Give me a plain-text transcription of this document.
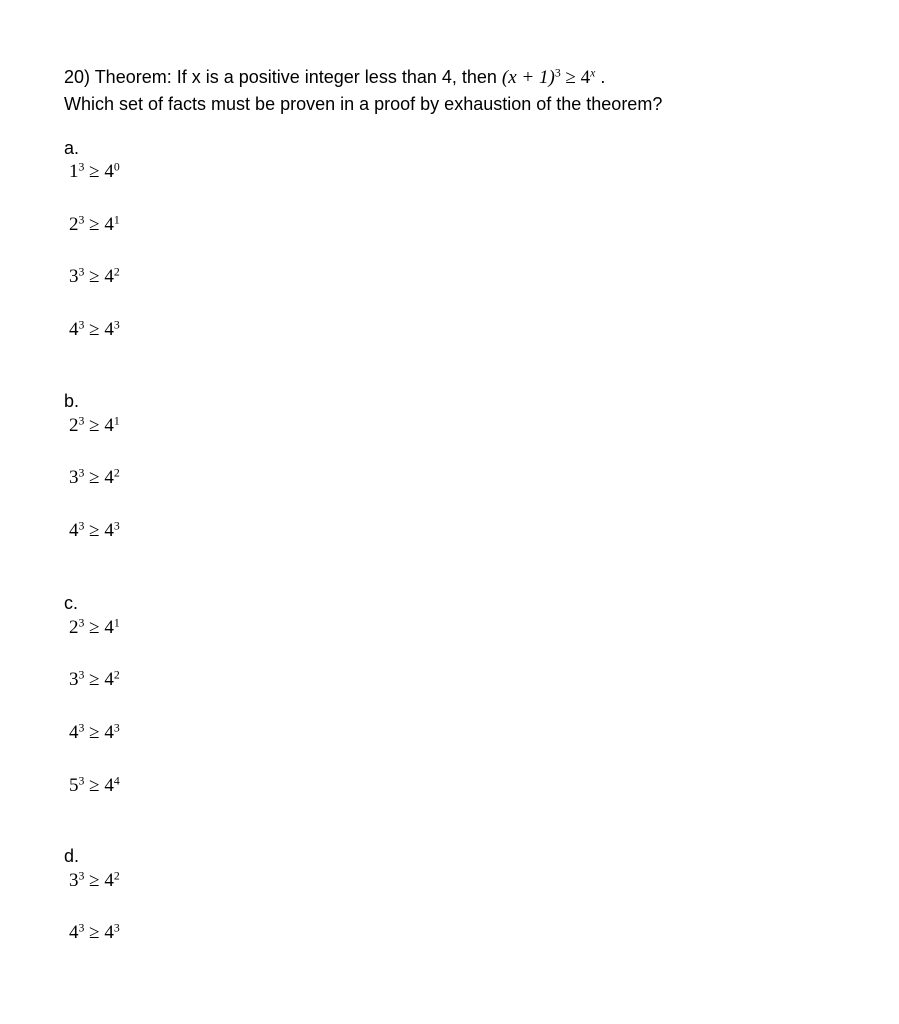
20) Theorem: If x is a positive integer less than 4, then $(x + 1)^3 \ge 4^x$ .
Which set of facts must be proven in a proof by exhaustion of the theorem?
a.
$1^3 \ge 4^0$
$2^3 \ge 4^1$
$3^3 \ge 4^2$
$4^3 \ge 4^3$
b.
$2^3 \ge 4^1$
$3^3 \ge 4^2$
$4^3 \ge 4^3$
c.
$2^3 \ge 4^1$
$3^3 \ge 4^2$
$4^3 \ge 4^3$
$5^3 \ge 4^4$
d.
$3^3 \ge 4^2$
$4^3 \ge 4^3$
